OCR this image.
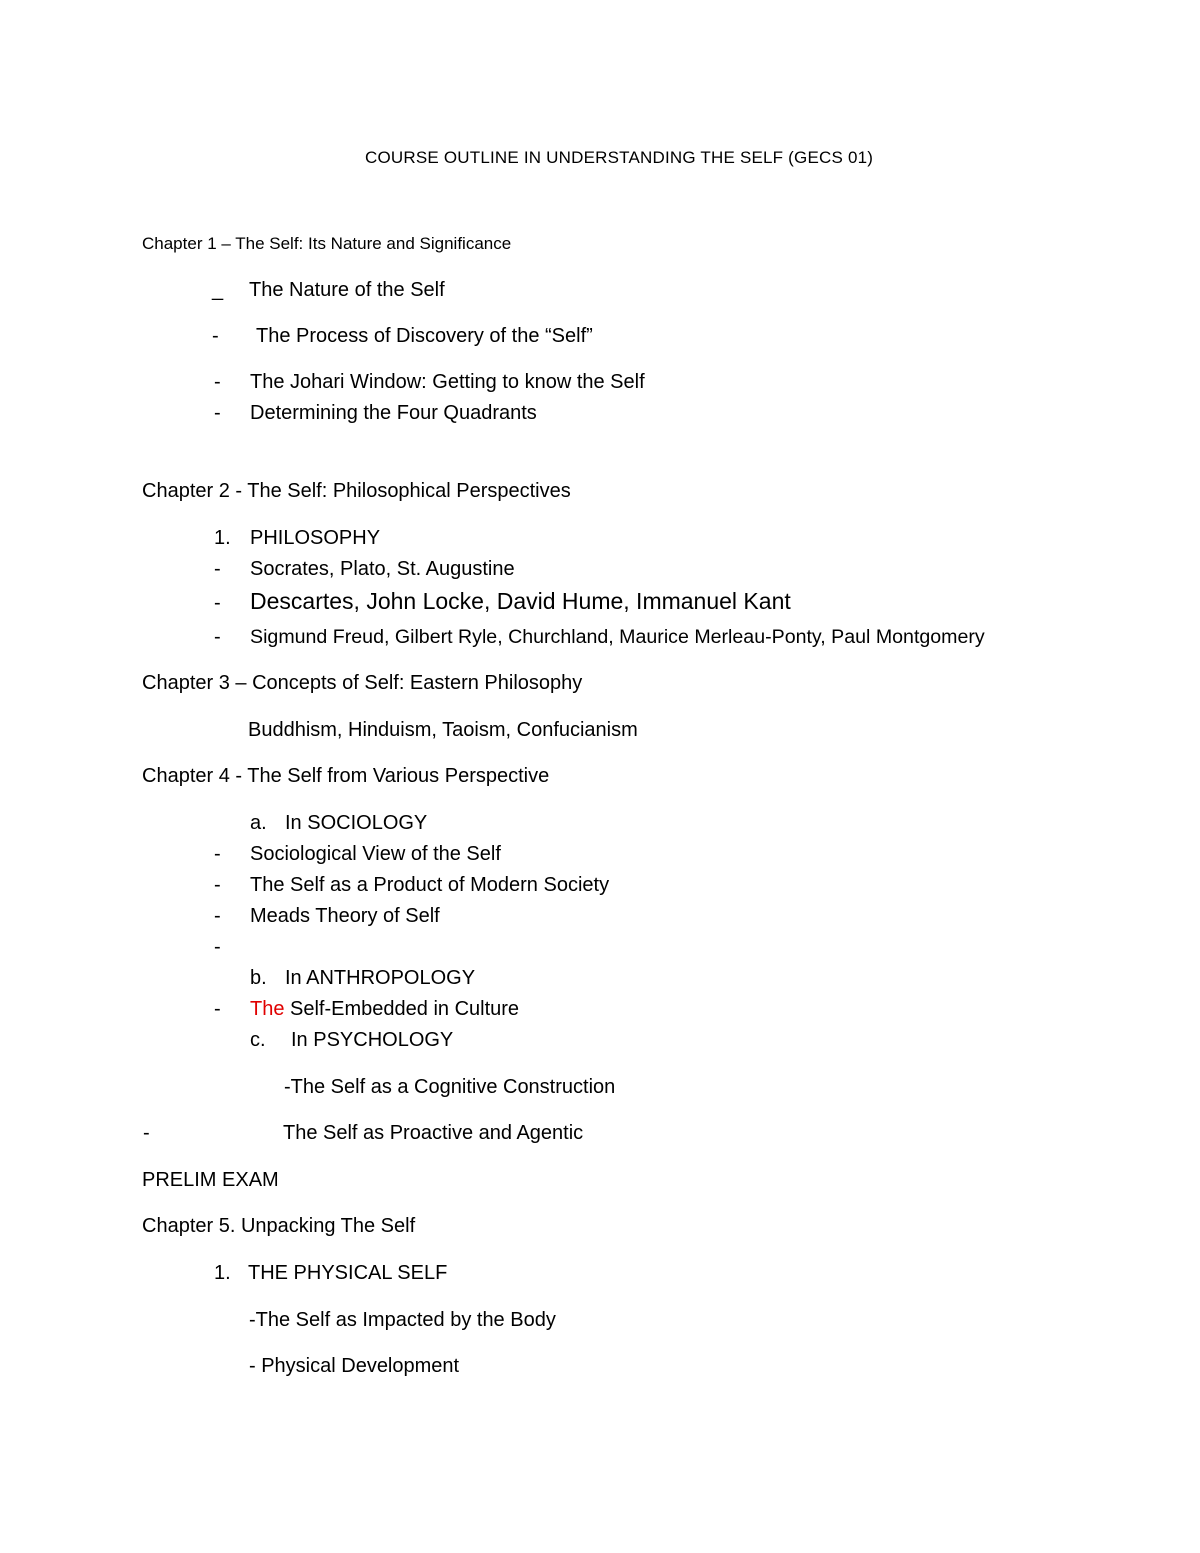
COURSE OUTLINE IN UNDERSTANDING THE SELF (GECS 01)
Chapter 1 – The Self: Its Nature and Significance
_ The Nature of the Self
- The Process of Discovery of the “Self”
- The Johari Window: Getting to know the Self
- Determining the Four Quadrants
Chapter 2 - The Self: Philosophical Perspectives
1. PHILOSOPHY
- Socrates, Plato, St. Augustine
- Descartes, John Locke, David Hume, Immanuel Kant
- Sigmund Freud, Gilbert Ryle, Churchland, Maurice Merleau-Ponty, Paul Montgomery
Chapter 3 – Concepts of Self: Eastern Philosophy
Buddhism, Hinduism, Taoism, Confucianism
Chapter 4 - The Self from Various Perspective
a. In SOCIOLOGY
- Sociological View of the Self
- The Self as a Product of Modern Society
- Meads Theory of Self
-
b. In ANTHROPOLOGY
- The Self-Embedded in Culture
c. In PSYCHOLOGY
-The Self as a Cognitive Construction
-	The Self as Proactive and Agentic
PRELIM EXAM
Chapter 5. Unpacking The Self
1. THE PHYSICAL SELF
-The Self as Impacted by the Body
- Physical Development
